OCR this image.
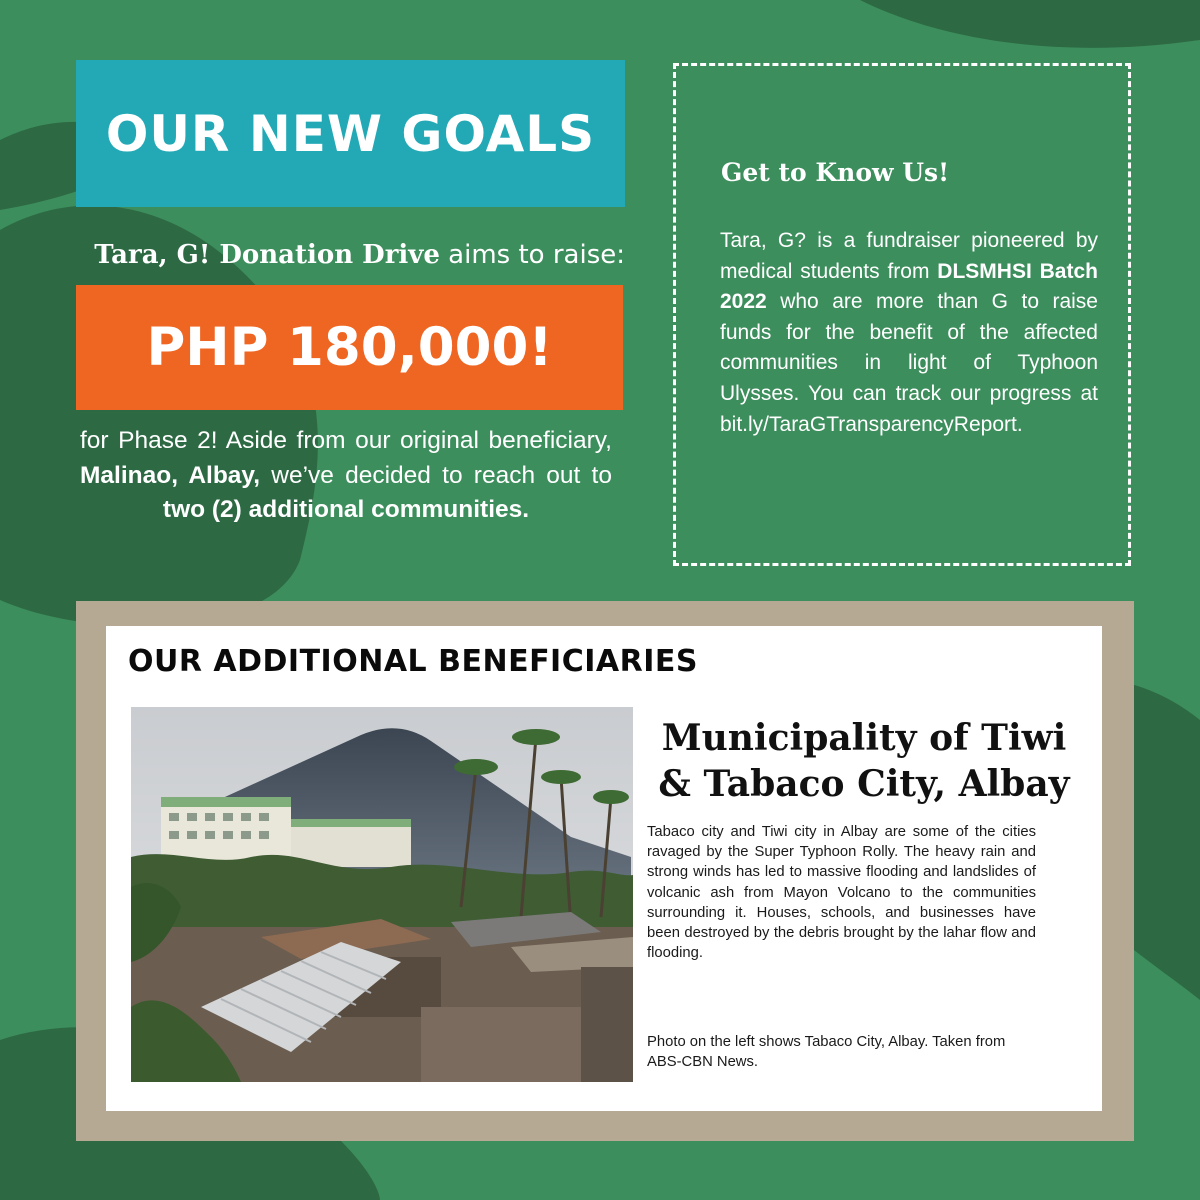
OUR NEW GOALS
Tara, G! Donation Drive aims to raise:
PHP 180,000!
for Phase 2! Aside from our original beneficiary, Malinao, Albay, we’ve decided to reach out to two (2) additional communities.
Get to Know Us!
Tara, G? is a fundraiser pioneered by medical students from DLSMHSI Batch 2022 who are more than G to raise funds for the benefit of the affected communities in light of Typhoon Ulysses. You can track our progress at bit.ly/TaraGTransparencyReport.
OUR ADDITIONAL BENEFICIARIES
Municipality of Tiwi
& Tabaco City, Albay
Tabaco city and Tiwi city in Albay are some of the cities ravaged by the Super Typhoon Rolly. The heavy rain and strong winds has led to massive flooding and landslides of volcanic ash from Mayon Volcano to the communities surrounding it. Houses, schools, and businesses have been destroyed by the debris brought by the lahar flow and flooding.
Photo on the left shows Tabaco City, Albay. Taken from ABS-CBN News.
